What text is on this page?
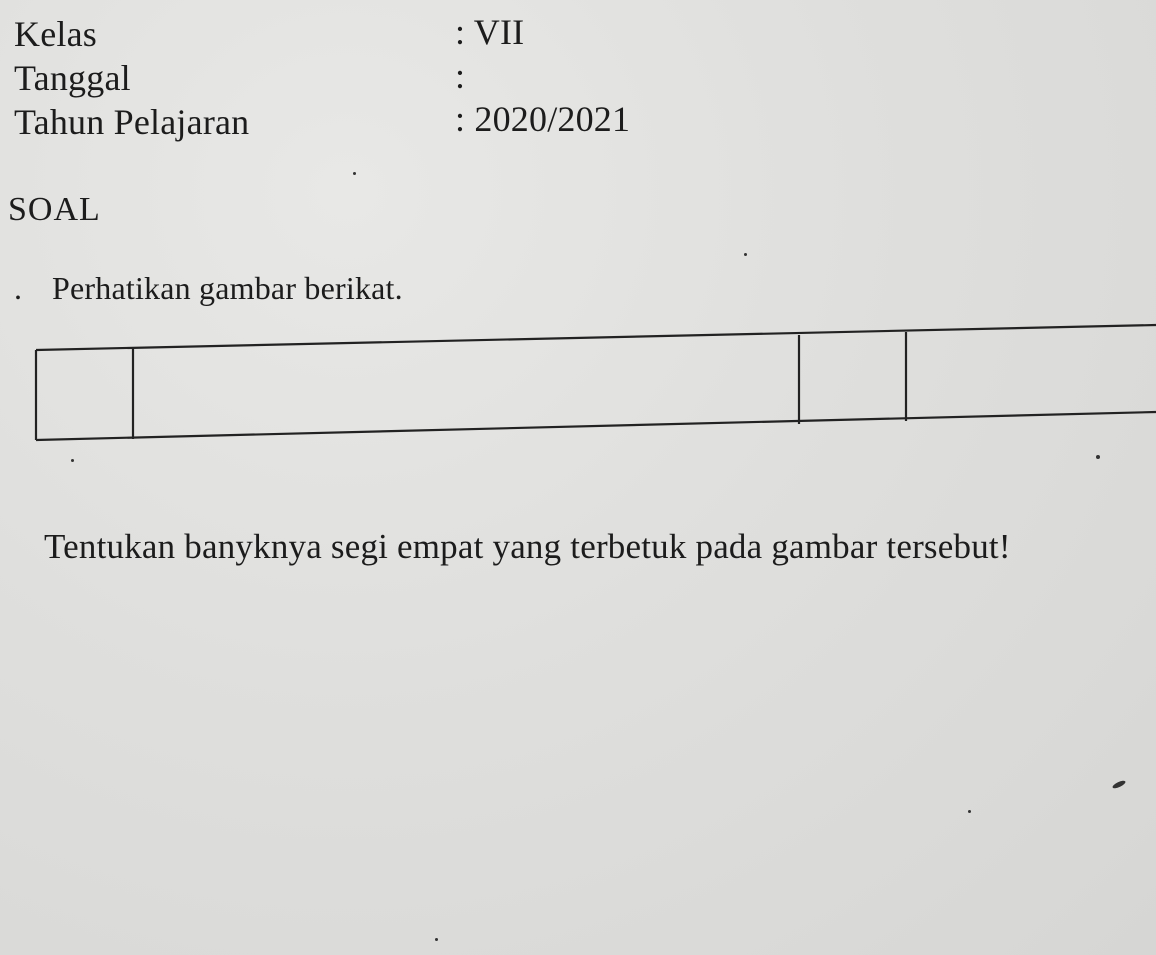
Kelas	: VII
Tanggal	:
Tahun Pelajaran	: 2020/2021
SOAL
. Perhatikan gambar berikat.
Tentukan banyknya segi empat yang terbetuk pada gambar tersebut!
